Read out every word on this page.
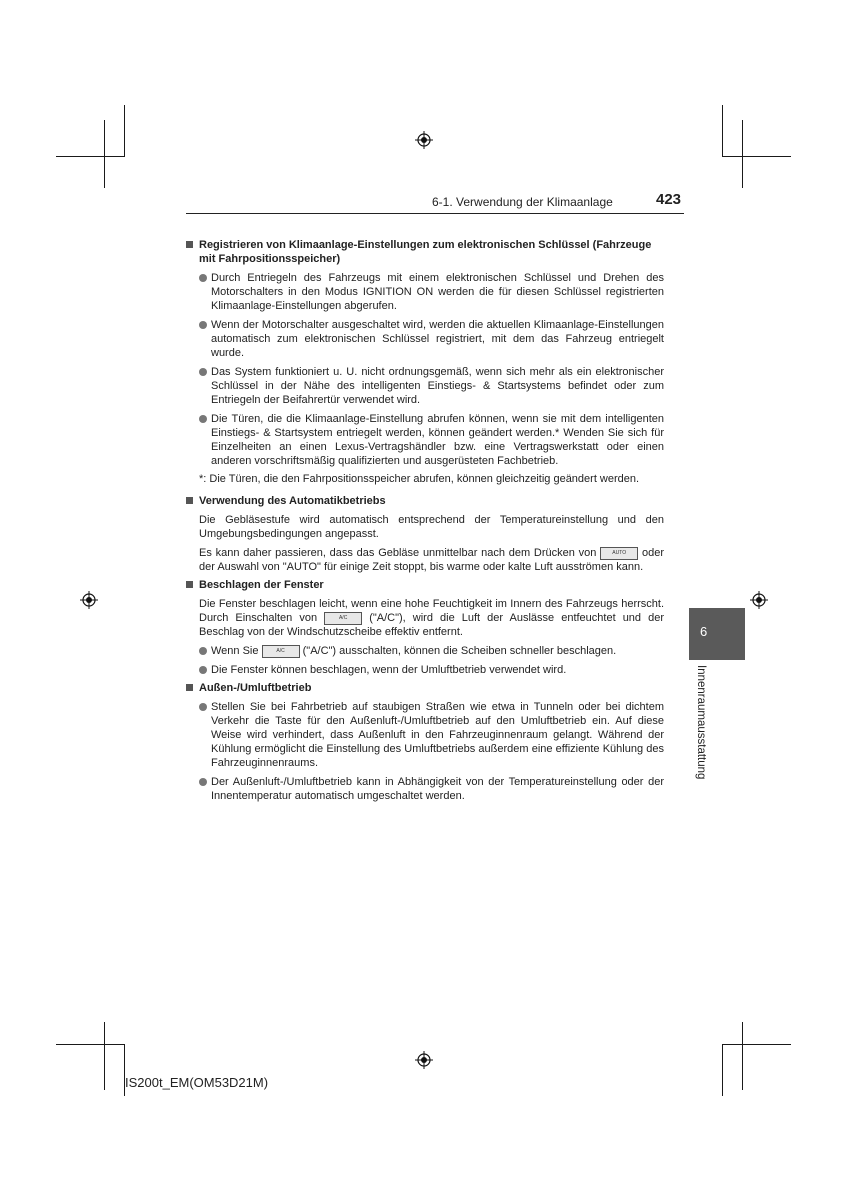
6-1. Verwendung der Klimaanlage	423
6
Innenraumausstattung
Registrieren von Klimaanlage-Einstellungen zum elektronischen Schlüssel (Fahrzeuge mit Fahrpositionsspeicher)
Durch Entriegeln des Fahrzeugs mit einem elektronischen Schlüssel und Drehen des Motorschalters in den Modus IGNITION ON werden die für diesen Schlüssel registrierten Klimaanlage-Einstellungen abgerufen.
Wenn der Motorschalter ausgeschaltet wird, werden die aktuellen Klimaanlage-Einstellungen automatisch zum elektronischen Schlüssel registriert, mit dem das Fahrzeug entriegelt wurde.
Das System funktioniert u. U. nicht ordnungsgemäß, wenn sich mehr als ein elektronischer Schlüssel in der Nähe des intelligenten Einstiegs- & Startsystems befindet oder zum Entriegeln der Beifahrertür verwendet wird.
Die Türen, die die Klimaanlage-Einstellung abrufen können, wenn sie mit dem intelligenten Einstiegs- & Startsystem entriegelt werden, können geändert werden.* Wenden Sie sich für Einzelheiten an einen Lexus-Vertragshändler bzw. eine Vertragswerkstatt oder einen anderen vorschriftsmäßig qualifizierten und ausgerüsteten Fachbetrieb.
*: Die Türen, die den Fahrpositionsspeicher abrufen, können gleichzeitig geändert werden.
Verwendung des Automatikbetriebs
Die Gebläsestufe wird automatisch entsprechend der Temperatureinstellung und den Umgebungsbedingungen angepasst.
Es kann daher passieren, dass das Gebläse unmittelbar nach dem Drücken von	AUTO oder der Auswahl von "AUTO" für einige Zeit stoppt, bis warme oder kalte Luft ausströmen kann.
Beschlagen der Fenster
Die Fenster beschlagen leicht, wenn eine hohe Feuchtigkeit im Innern des Fahrzeugs herrscht. Durch Einschalten von	A/C ("A/C"), wird die Luft der Auslässe entfeuchtet und der Beschlag von der Windschutzscheibe effektiv entfernt.
Wenn Sie	A/C ("A/C") ausschalten, können die Scheiben schneller beschlagen.
Die Fenster können beschlagen, wenn der Umluftbetrieb verwendet wird.
Außen-/Umluftbetrieb
Stellen Sie bei Fahrbetrieb auf staubigen Straßen wie etwa in Tunneln oder bei dichtem Verkehr die Taste für den Außenluft-/Umluftbetrieb auf den Umluftbetrieb ein. Auf diese Weise wird verhindert, dass Außenluft in den Fahrzeuginnenraum gelangt. Während der Kühlung ermöglicht die Einstellung des Umluftbetriebs außerdem eine effiziente Kühlung des Fahrzeuginnenraums.
Der Außenluft-/Umluftbetrieb kann in Abhängigkeit von der Temperatureinstellung oder der Innentemperatur automatisch umgeschaltet werden.
IS200t_EM(OM53D21M)
